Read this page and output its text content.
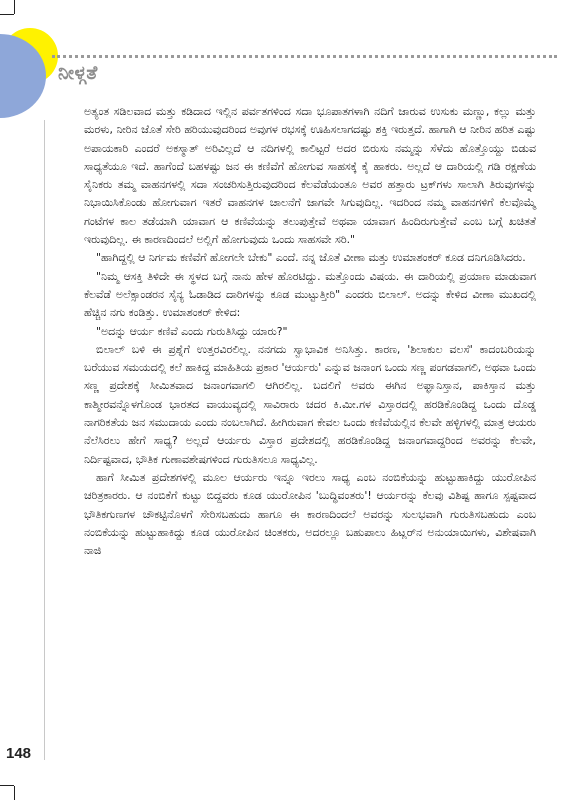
ನೀಳ್ಗತೆ

ಅತ್ಯಂತ ಸಡಿಲವಾದ ಮತ್ತು ಕಡಿದಾದ ಇಲ್ಲಿನ ಪರ್ವತಗಳಿಂದ ಸದಾ ಭೂಪಾತಗಳಾಗಿ ನದಿಗೆ ಜಾರುವ ಉಸುಕು ಮಣ್ಣು, ಕಲ್ಲು ಮತ್ತು ಮರಳು, ನೀರಿನ ಜೊತೆ ಸೇರಿ ಹರಿಯುವುದರಿಂದ ಅವುಗಳ ರಭಸಕ್ಕೆ ಊಹಿಸಲಾಗದಷ್ಟು ಶಕ್ತಿ ಇರುತ್ತದೆ. ಹಾಗಾಗಿ ಆ ನೀರಿನ ಹರಿತ ಎಷ್ಟು ಅಪಾಯಕಾರಿ ಎಂದರೆ ಅಕಸ್ಮಾತ್ ಅರಿವಿಲ್ಲದೆ ಆ ನದಿಗಳಲ್ಲಿ ಕಾಲಿಟ್ಟರೆ ಅದರ ಬಿರುಸು ನಮ್ಮನ್ನು ಸೆಳೆದು ಹೊತ್ತೊಯ್ದು ಬಿಡುವ ಸಾಧ್ಯತೆಯೂ ಇದೆ. ಹಾಗೆಂದೆ ಬಹಳಷ್ಟು ಜನ ಈ ಕಣಿವೆಗೆ ಹೋಗುವ ಸಾಹಸಕ್ಕೆ ಕೈ ಹಾಕರು. ಅಲ್ಲದೆ ಆ ದಾರಿಯಲ್ಲಿ ಗಡಿ ರಕ್ಷಣೆಯ ಸೈನಿಕರು ತಮ್ಮ ವಾಹನಗಳಲ್ಲಿ ಸದಾ ಸಂಚರಿಸುತ್ತಿರುವುದರಿಂದ ಕೆಲವೆಡೆಯಂತೂ ಅವರ ಹತ್ತಾರು ಟ್ರಕ್‌ಗಳು ಸಾಲಾಗಿ ತಿರುವುಗಳನ್ನು ನಿಭಾಯಿಸಿಕೊಂಡು ಹೋಗುವಾಗ ಇತರೆ ವಾಹನಗಳ ಚಾಲನೆಗೆ ಜಾಗವೇ ಸಿಗುವುದಿಲ್ಲ. ಇದರಿಂದ ನಮ್ಮ ವಾಹನಗಳಿಗೆ ಕೆಲವೊಮ್ಮೆ ಗಂಟೆಗಳ ಕಾಲ ತಡೆಯಾಗಿ ಯಾವಾಗ ಆ ಕಣಿವೆಯನ್ನು ತಲುಪುತ್ತೇವೆ ಅಥವಾ ಯಾವಾಗ ಹಿಂದಿರುಗುತ್ತೇವೆ ಎಂಬ ಬಗ್ಗೆ ಖಚಿತತೆ ಇರುವುದಿಲ್ಲ. ಈ ಕಾರಣದಿಂದಲೆ ಅಲ್ಲಿಗೆ ಹೋಗುವುದು ಒಂದು ಸಾಹಸವೇ ಸರಿ."

"ಹಾಗಿದ್ದಲ್ಲಿ ಆ ನಿರ್ಗಮ ಕಣಿವೆಗೆ ಹೋಗಲೇ ಬೇಕು" ಎಂದೆ. ನನ್ನ ಜೊತೆ ವೀಣಾ ಮತ್ತು ಉಮಾಶಂಕರ್ ಕೂಡ ದನಿಗೂಡಿಸಿದರು.

"ನಿಮ್ಮ ಆಸಕ್ತಿ ತಿಳಿದೇ ಈ ಸ್ಥಳದ ಬಗ್ಗೆ ನಾನು ಹೇಳ ಹೊರಟಿದ್ದು. ಮತ್ತೊಂದು ವಿಷಯ. ಈ ದಾರಿಯಲ್ಲಿ ಪ್ರಯಾಣ ಮಾಡುವಾಗ ಕೆಲವೆಡೆ ಅಲೆಕ್ಸಾಂಡರನ ಸೈನ್ಯ ಓಡಾಡಿದ ದಾರಿಗಳನ್ನು ಕೂಡ ಮುಟ್ಟುತ್ತೀರಿ" ಎಂದರು ಬಿಲಾಲ್. ಅದನ್ನು ಕೇಳಿದ ವೀಣಾ ಮುಖದಲ್ಲಿ ಹೆಚ್ಚಿನ ನಗು ಕಂಡಿತ್ತು. ಉಮಾಶಂಕರ್ ಕೇಳಿದ:

"ಅದನ್ನು ಆರ್ಯ ಕಣಿವೆ ಎಂದು ಗುರುತಿಸಿದ್ದು ಯಾರು?"

ಬಿಲಾಲ್ ಬಳಿ ಈ ಪ್ರಶ್ನೆಗೆ ಉತ್ತರವಿರಲಿಲ್ಲ. ನನಗದು ಸ್ವಾಭಾವಿಕ ಅನಿಸಿತ್ತು. ಕಾರಣ, 'ಶಿಲಾಕುಲ ವಲಸೆ' ಕಾದಂಬರಿಯನ್ನು ಬರೆಯುವ ಸಮಯದಲ್ಲಿ ಕಲೆ ಹಾಕಿದ್ದ ಮಾಹಿತಿಯ ಪ್ರಕಾರ 'ಆರ್ಯರು' ಎನ್ನುವ ಜನಾಂಗ ಒಂದು ಸಣ್ಣ ಪಂಗಡವಾಗಲಿ, ಅಥವಾ ಒಂದು ಸಣ್ಣ ಪ್ರದೇಶಕ್ಕೆ ಸೀಮಿತವಾದ ಜನಾಂಗವಾಗಲಿ ಆಗಿರಲಿಲ್ಲ. ಬದಲಿಗೆ ಅವರು ಈಗಿನ ಅಫ್ಘಾನಿಸ್ತಾನ, ಪಾಕಿಸ್ತಾನ ಮತ್ತು ಕಾಶ್ಮೀರವನ್ನೊಳಗೊಂಡ ಭಾರತದ ವಾಯುವ್ಯದಲ್ಲಿ ಸಾವಿರಾರು ಚದರ ಕಿ.ಮೀ.ಗಳ ವಿಸ್ತಾರದಲ್ಲಿ ಹರಡಿಕೊಂಡಿದ್ದ ಒಂದು ದೊಡ್ಡ ನಾಗರಿಕತೆಯ ಜನ ಸಮುದಾಯ ಎಂದು ನಂಬಲಾಗಿದೆ. ಹೀಗಿರುವಾಗ ಕೇವಲ ಒಂದು ಕಣಿವೆಯಲ್ಲಿನ ಕೆಲವೇ ಹಳ್ಳಿಗಳಲ್ಲಿ ಮಾತ್ರ ಆಯರು ನೆಲೆಸಿರಲು ಹೇಗೆ ಸಾಧ್ಯ? ಅಲ್ಲದೆ ಆರ್ಯರು ವಿಸ್ತಾರ ಪ್ರದೇಶದಲ್ಲಿ ಹರಡಿಕೊಂಡಿದ್ದ ಜನಾಂಗವಾದ್ದರಿಂದ ಅವರನ್ನು ಕೆಲವೇ, ನಿರ್ದಿಷ್ಟವಾದ, ಭೌತಿಕ ಗುಣಾವಶೇಷಗಳಿಂದ ಗುರುತಿಸಲೂ ಸಾಧ್ಯವಿಲ್ಲ.

ಹಾಗೆ ಸೀಮಿತ ಪ್ರದೇಶಗಳಲ್ಲಿ ಮೂಲ ಆರ್ಯರು ಇನ್ನೂ ಇರಲು ಸಾಧ್ಯ ಎಂಬ ನಂಬಿಕೆಯನ್ನು ಹುಟ್ಟುಹಾಕಿದ್ದು ಯುರೋಪಿನ ಚರಿತ್ರಕಾರರು. ಆ ನಂಬಿಕೆಗೆ ಕುಟ್ಟು ಬಿದ್ದವರು ಕೂಡ ಯುರೋಪಿನ 'ಬುದ್ಧಿವಂತರು'! ಆರ್ಯರನ್ನು ಕೆಲವು ವಿಶಿಷ್ಟ ಹಾಗೂ ಸ್ಪಷ್ಟವಾದ ಭೌತಿಕಗುಣಗಳ ಚೌಕಟ್ಟಿನೊಳಗೆ ಸೇರಿಸಬಹುದು ಹಾಗೂ ಈ ಕಾರಣದಿಂದಲೆ ಅವರನ್ನು ಸುಲಭವಾಗಿ ಗುರುತಿಸಬಹುದು ಎಂಬ ನಂಬಿಕೆಯನ್ನು ಹುಟ್ಟುಹಾಕಿದ್ದು ಕೂಡ ಯುರೋಪಿನ ಚಿಂತಕರು, ಅದರಲ್ಲೂ ಬಹುಪಾಲು ಹಿಟ್ಲರ್‌ನ ಅನುಯಾಯಿಗಳು, ವಿಶೇಷವಾಗಿ ನಾಜಿ

148
